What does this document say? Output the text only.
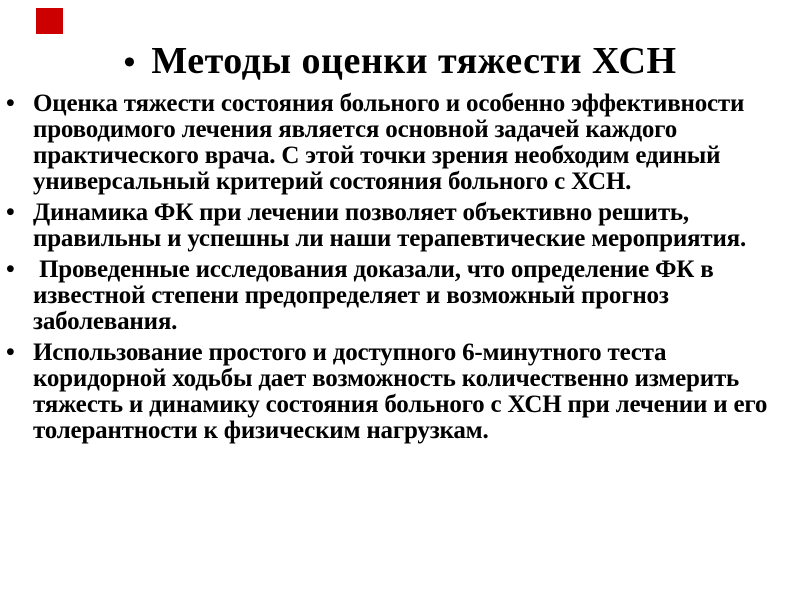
• Методы оценки тяжести ХСН
• Оценка тяжести состояния больного и особенно эффективности проводимого лечения является основной задачей каждого практического врача. С этой точки зрения необходим единый универсальный критерий состояния больного с ХСН.

• Динамика ФК при лечении позволяет объективно решить, правильны и успешны ли наши терапевтические мероприятия.

• Проведенные исследования доказали, что определение ФК в известной степени предопределяет и возможный прогноз заболевания.

• Использование простого и доступного 6-минутного теста коридорной ходьбы дает возможность количественно измерить тяжесть и динамику состояния больного с ХСН при лечении и его толерантности к физическим нагрузкам.
